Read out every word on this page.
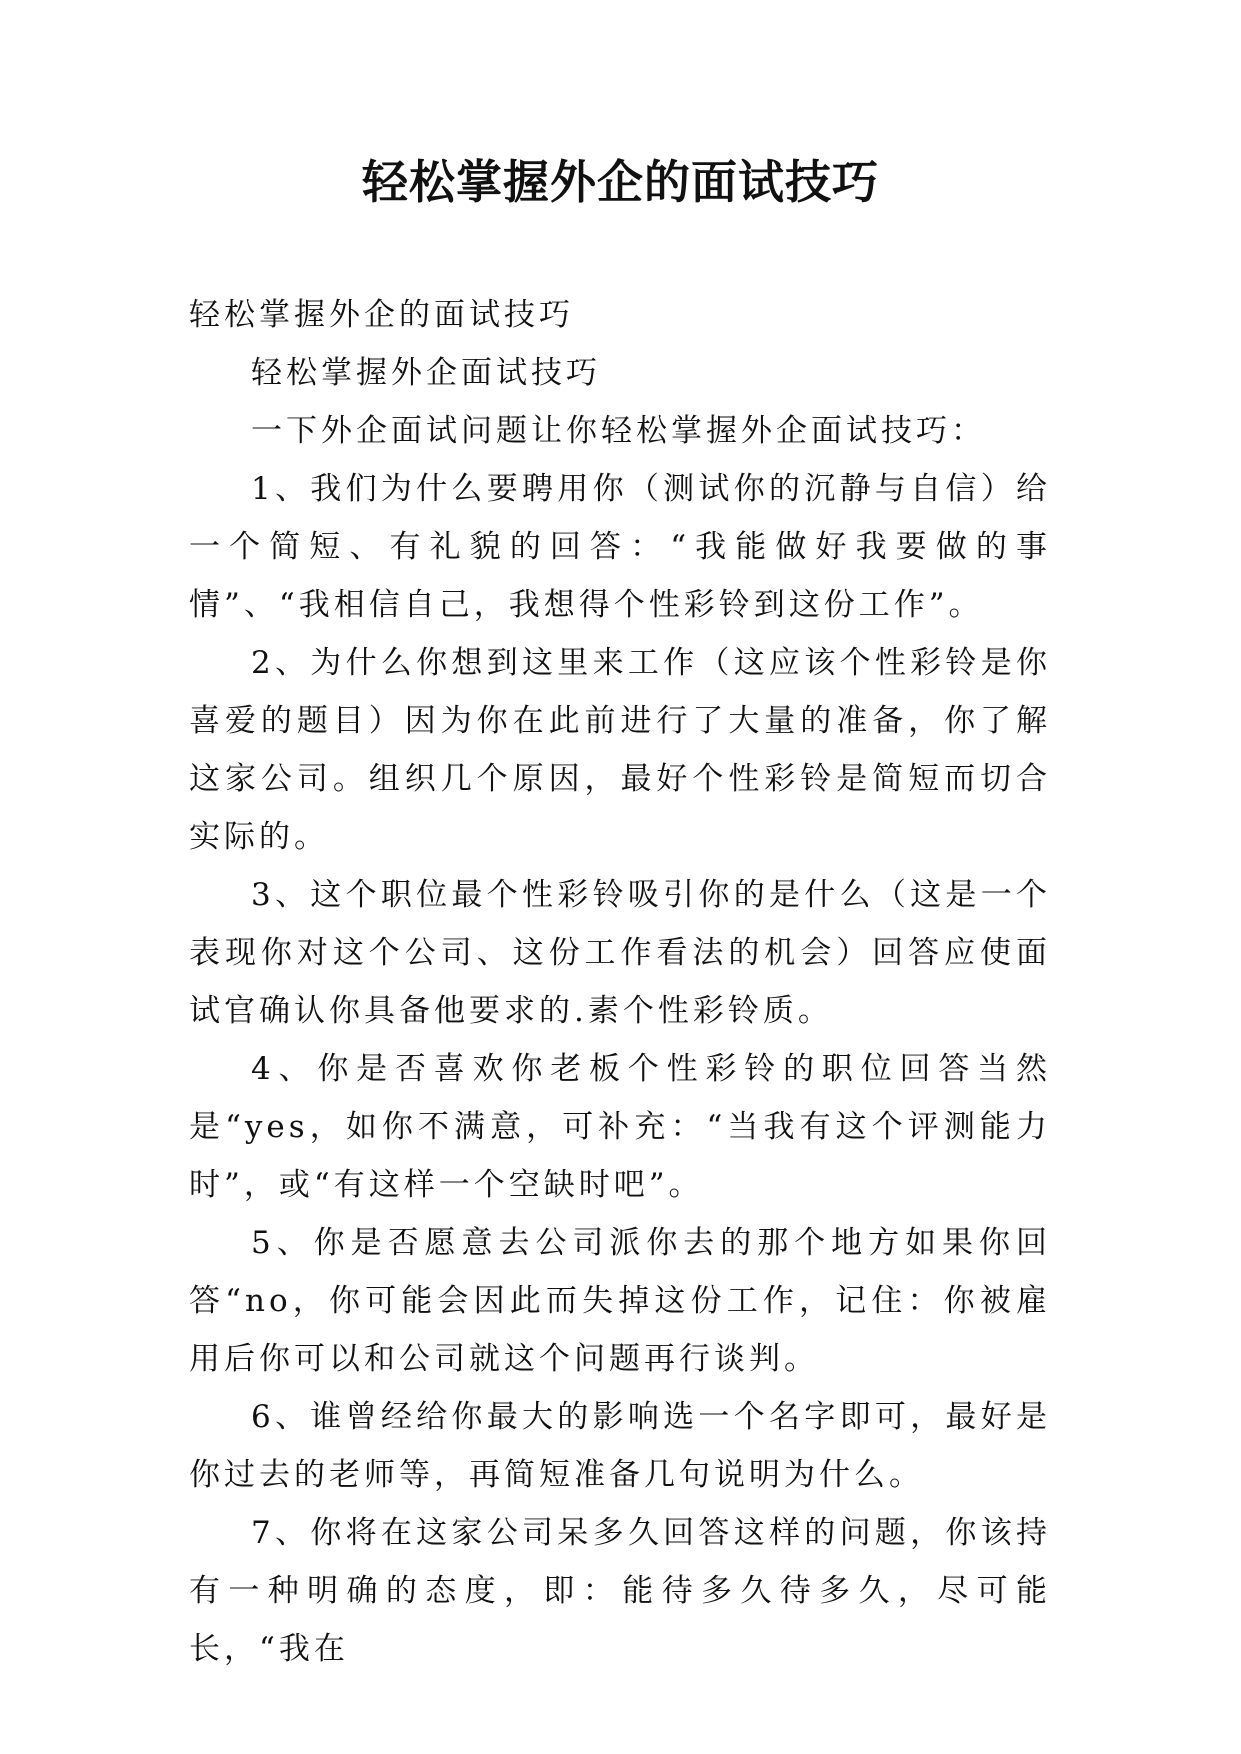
轻松掌握外企的面试技巧

轻松掌握外企的面试技巧

轻松掌握外企面试技巧

一下外企面试问题让你轻松掌握外企面试技巧：

1、我们为什么要聘用你（测试你的沉静与自信）给一个简短、有礼貌的回答：“我能做好我要做的事情”、“我相信自己，我想得个性彩铃到这份工作”。

2、为什么你想到这里来工作（这应该个性彩铃是你喜爱的题目）因为你在此前进行了大量的准备，你了解这家公司。组织几个原因，最好个性彩铃是简短而切合实际的。

3、这个职位最个性彩铃吸引你的是什么（这是一个表现你对这个公司、这份工作看法的机会）回答应使面试官确认你具备他要求的.素个性彩铃质。

4、你是否喜欢你老板个性彩铃的职位回答当然是“yes，如你不满意，可补充：“当我有这个评测能力时”，或“有这样一个空缺时吧”。

5、你是否愿意去公司派你去的那个地方如果你回答“no，你可能会因此而失掉这份工作，记住：你被雇用后你可以和公司就这个问题再行谈判。

6、谁曾经给你最大的影响选一个名字即可，最好是你过去的老师等，再简短准备几句说明为什么。

7、你将在这家公司呆多久回答这样的问题，你该持有一种明确的态度，即：能待多久待多久，尽可能长，“我在
